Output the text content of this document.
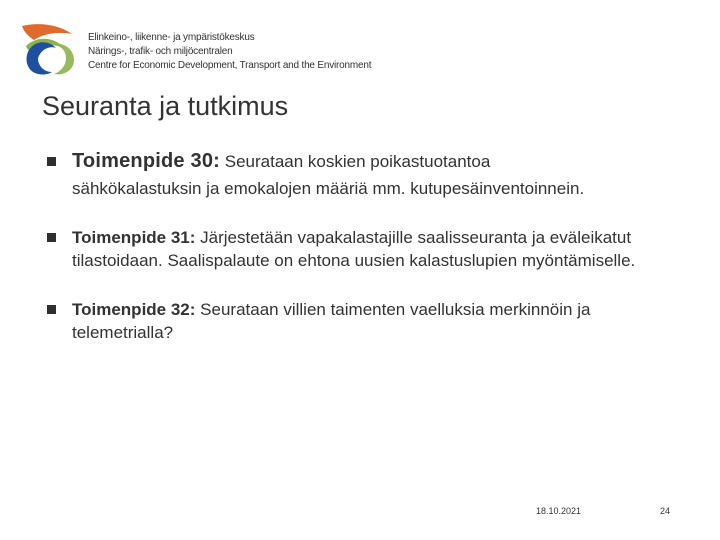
Elinkeino-, liikenne- ja ympäristökeskus
Närings-, trafik- och miljöcentralen
Centre for Economic Development, Transport and the Environment
Seuranta ja tutkimus
Toimenpide 30: Seurataan koskien poikastuotantoa
sähkökalastuksin ja emokalojen määriä mm. kutupesäinventoinnein.
Toimenpide 31: Järjestetään vapakalastajille saalisseuranta ja eväleikatut tilastoidaan. Saalispalaute on ehtona uusien kalastuslupien myöntämiselle.
Toimenpide 32: Seurataan villien taimenten vaelluksia merkinnöin ja telemetrialla?
18.10.2021	24
